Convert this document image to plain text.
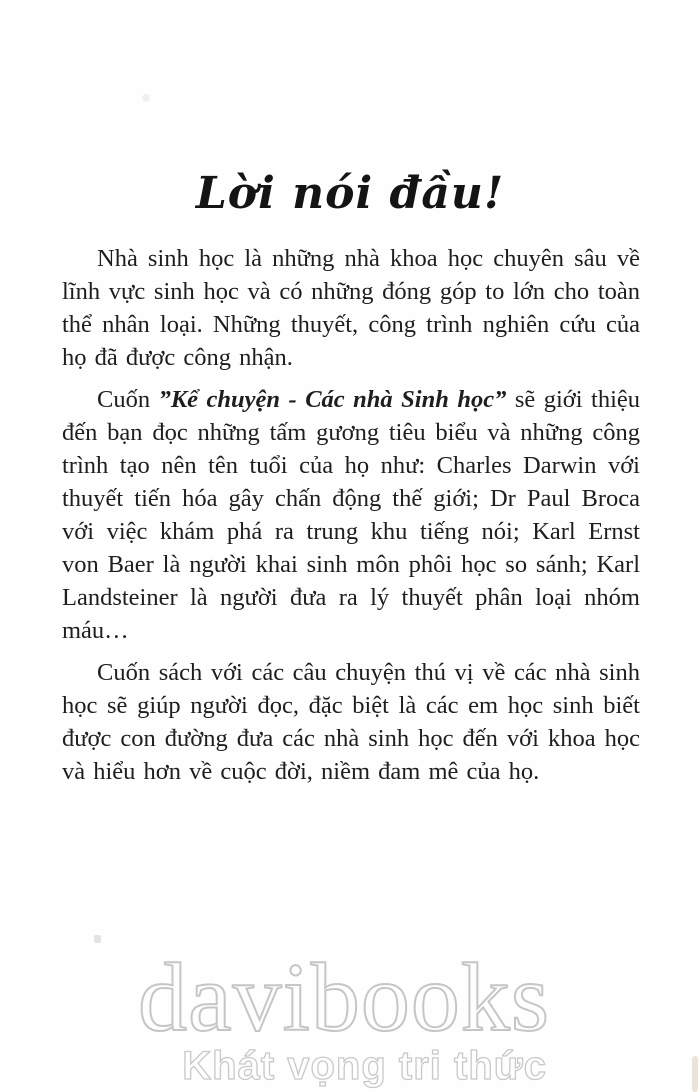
Lời nói đầu!

Nhà sinh học là những nhà khoa học chuyên sâu về lĩnh vực sinh học và có những đóng góp to lớn cho toàn thể nhân loại. Những thuyết, công trình nghiên cứu của họ đã được công nhận.

Cuốn ”Kể chuyện - Các nhà Sinh học” sẽ giới thiệu đến bạn đọc những tấm gương tiêu biểu và những công trình tạo nên tên tuổi của họ như: Charles Darwin với thuyết tiến hóa gây chấn động thế giới; Dr Paul Broca với việc khám phá ra trung khu tiếng nói; Karl Ernst von Baer là người khai sinh môn phôi học so sánh; Karl Landsteiner là người đưa ra lý thuyết phân loại nhóm máu…

Cuốn sách với các câu chuyện thú vị về các nhà sinh học sẽ giúp người đọc, đặc biệt là các em học sinh biết được con đường đưa các nhà sinh học đến với khoa học và hiểu hơn về cuộc đời, niềm đam mê của họ.

davibooks
Khát vọng tri thức
